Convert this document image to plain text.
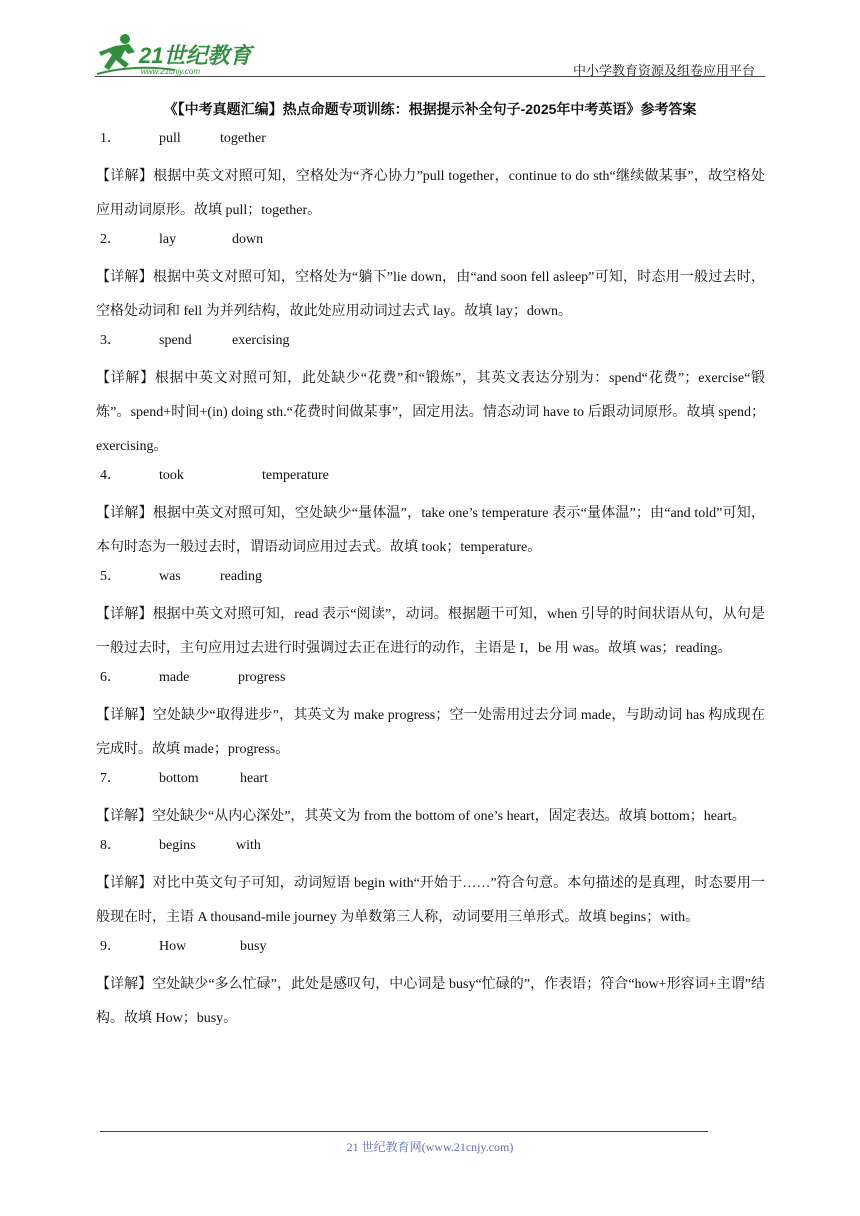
21世纪教育
www.21cnjy.com	中小学教育资源及组卷应用平台
《【中考真题汇编】热点命题专项训练：根据提示补全句子-2025年中考英语》参考答案
1．	pull	together
【详解】根据中英文对照可知，空格处为“齐心协力”pull together，continue to do sth“继续做某事”，故空格处应用动词原形。故填 pull；together。
2．	lay	down
【详解】根据中英文对照可知，空格处为“躺下”lie down，由“and soon fell asleep”可知，时态用一般过去时，空格处动词和 fell 为并列结构，故此处应用动词过去式 lay。故填 lay；down。
3．	spend	exercising
【详解】根据中英文对照可知，此处缺少“花费”和“锻炼”，其英文表达分别为：spend“花费”；exercise“锻炼”。spend+时间+(in) doing sth.“花费时间做某事”，固定用法。情态动词 have to 后跟动词原形。故填 spend；exercising。
4．	took	temperature
【详解】根据中英文对照可知，空处缺少“量体温”，take one’s temperature 表示“量体温”；由“and told”可知，本句时态为一般过去时，谓语动词应用过去式。故填 took；temperature。
5．	was	reading
【详解】根据中英文对照可知，read 表示“阅读”，动词。根据题干可知，when 引导的时间状语从句，从句是一般过去时，主句应用过去进行时强调过去正在进行的动作，主语是 I，be 用 was。故填 was；reading。
6．	made	progress
【详解】空处缺少“取得进步”，其英文为 make progress；空一处需用过去分词 made，与助动词 has 构成现在完成时。故填 made；progress。
7．	bottom	heart
【详解】空处缺少“从内心深处”，其英文为 from the bottom of one’s heart，固定表达。故填 bottom；heart。
8．	begins	with
【详解】对比中英文句子可知，动词短语 begin with“开始于……”符合句意。本句描述的是真理，时态要用一般现在时，主语 A thousand-mile journey 为单数第三人称，动词要用三单形式。故填 begins；with。
9．	How	busy
【详解】空处缺少“多么忙碌”，此处是感叹句，中心词是 busy“忙碌的”，作表语；符合“how+形容词+主谓”结构。故填 How；busy。
21 世纪教育网(www.21cnjy.com)
